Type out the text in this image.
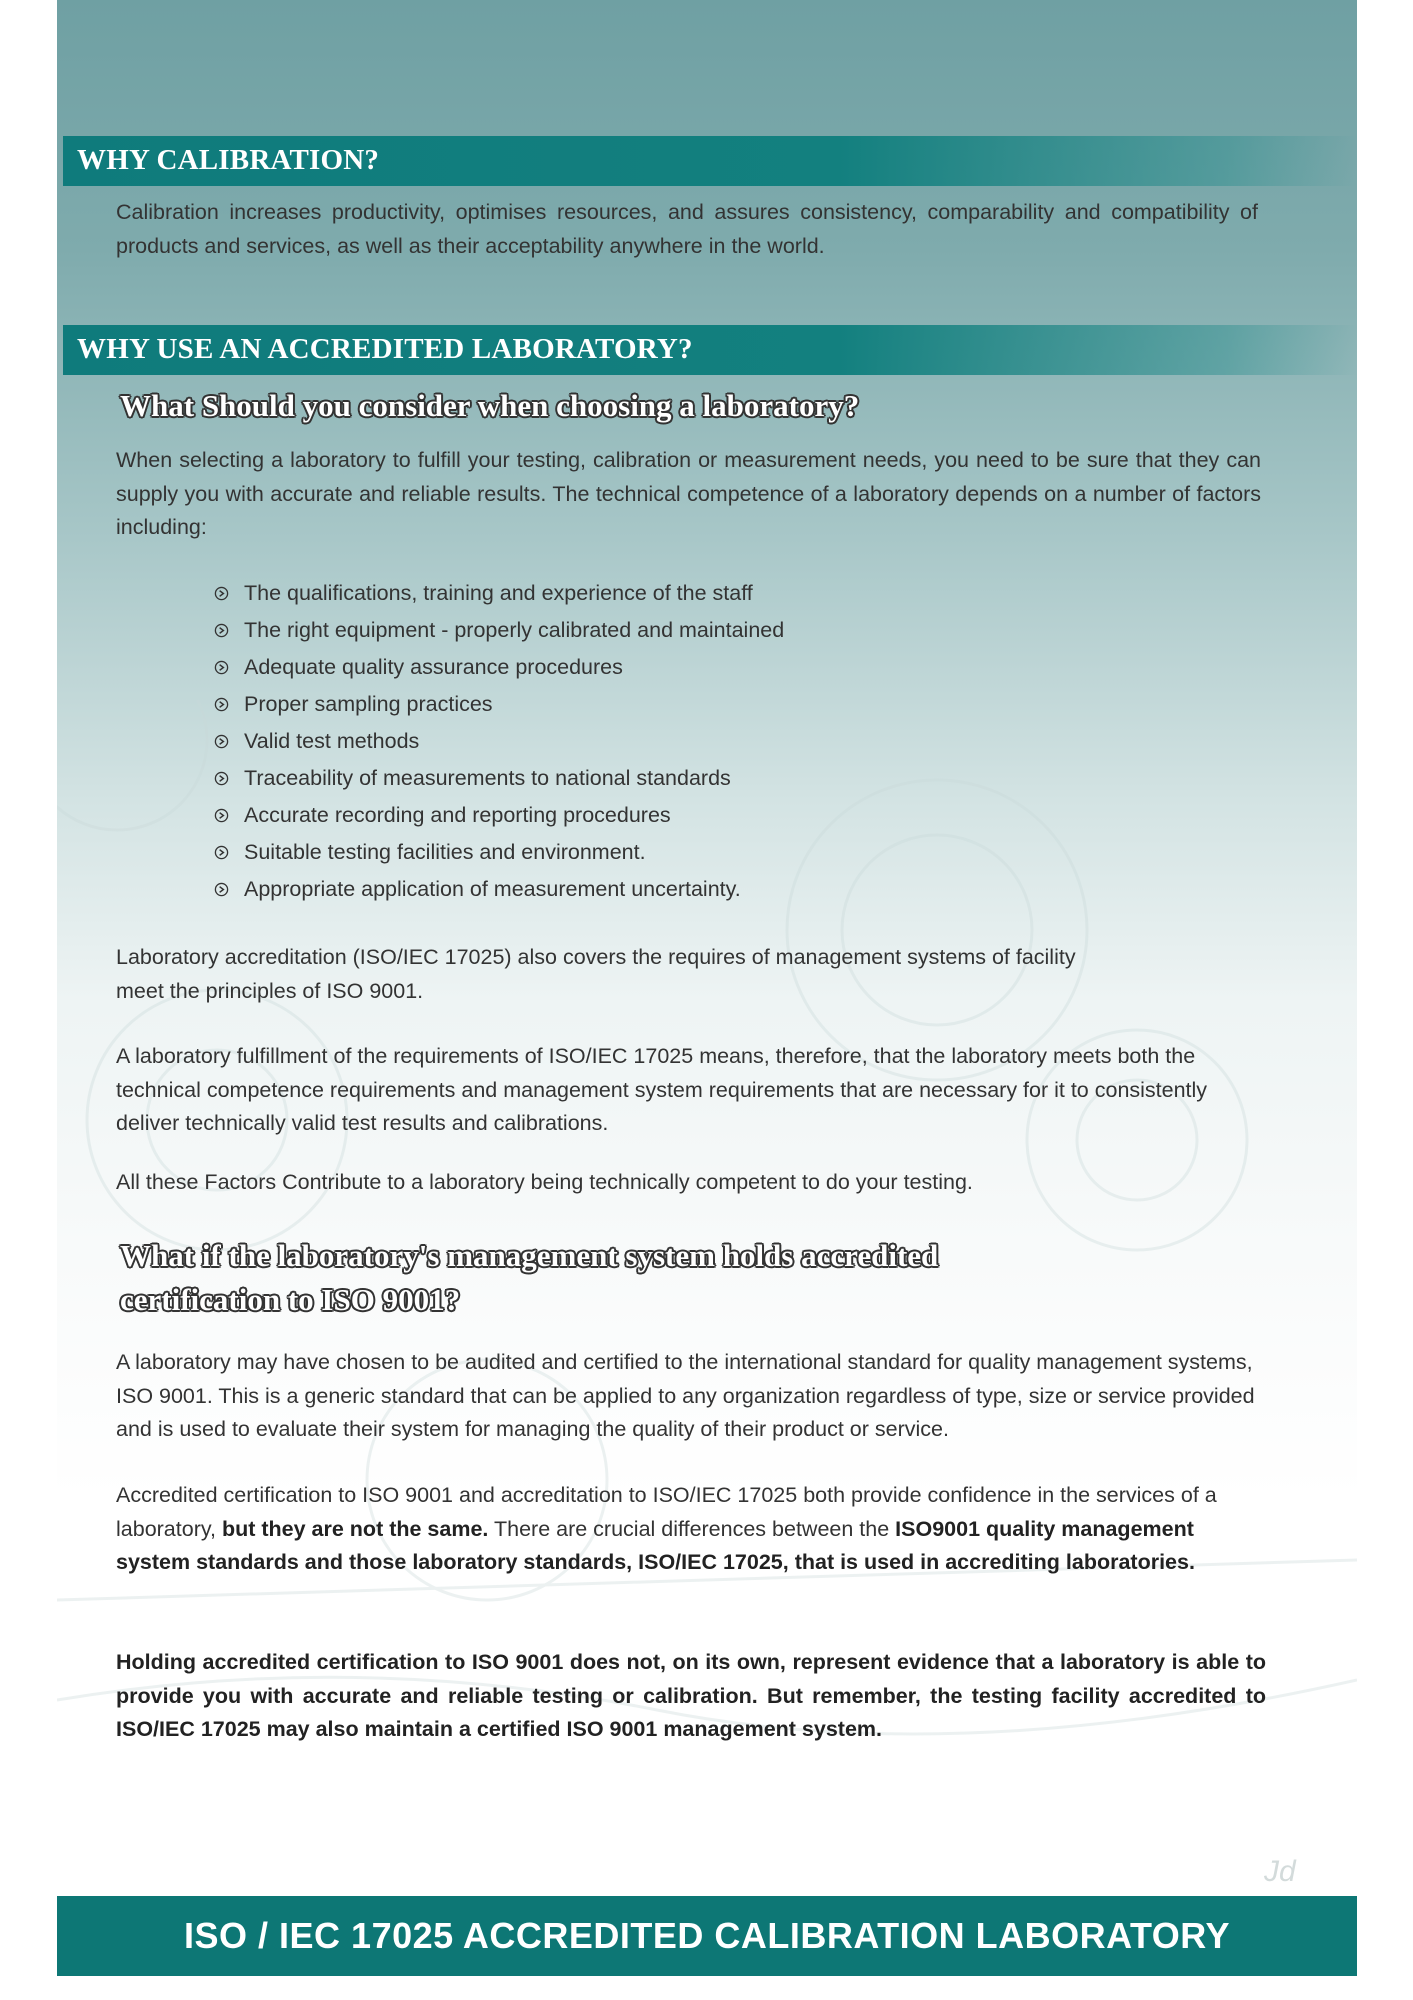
WHY CALIBRATION?

Calibration increases productivity, optimises resources, and assures consistency, comparability and compatibility of products and services, as well as their acceptability anywhere in the world.

WHY USE AN ACCREDITED LABORATORY?

What Should you consider when choosing a laboratory?

When selecting a laboratory to fulfill your testing, calibration or measurement needs, you need to be sure that they can supply you with accurate and reliable results. The technical competence of a laboratory depends on a number of factors including:

The qualifications, training and experience of the staff
The right equipment - properly calibrated and maintained
Adequate quality assurance procedures
Proper sampling practices
Valid test methods
Traceability of measurements to national standards
Accurate recording and reporting procedures
Suitable testing facilities and environment.
Appropriate application of measurement uncertainty.

Laboratory accreditation (ISO/IEC 17025) also covers the requires of management systems of facility meet the principles of ISO 9001.

A laboratory fulfillment of the requirements of ISO/IEC 17025 means, therefore, that the laboratory meets both the technical competence requirements and management system requirements that are necessary for it to consistently deliver technically valid test results and calibrations.

All these Factors Contribute to a laboratory being technically competent to do your testing.

What if the laboratory's management system holds accredited

certification to ISO 9001?

A laboratory may have chosen to be audited and certified to the international standard for quality management systems, ISO 9001. This is a generic standard that can be applied to any organization regardless of type, size or service provided and is used to evaluate their system for managing the quality of their product or service.

Accredited certification to ISO 9001 and accreditation to ISO/IEC 17025 both provide confidence in the services of a laboratory, but they are not the same. There are crucial differences between the ISO9001 quality management system standards and those laboratory standards, ISO/IEC 17025, that is used in accrediting laboratories.

Holding accredited certification to ISO 9001 does not, on its own, represent evidence that a laboratory is able to provide you with accurate and reliable testing or calibration. But remember, the testing facility accredited to ISO/IEC 17025 may also maintain a certified ISO 9001 management system.

Jd
ISO / IEC 17025 ACCREDITED CALIBRATION LABORATORY
